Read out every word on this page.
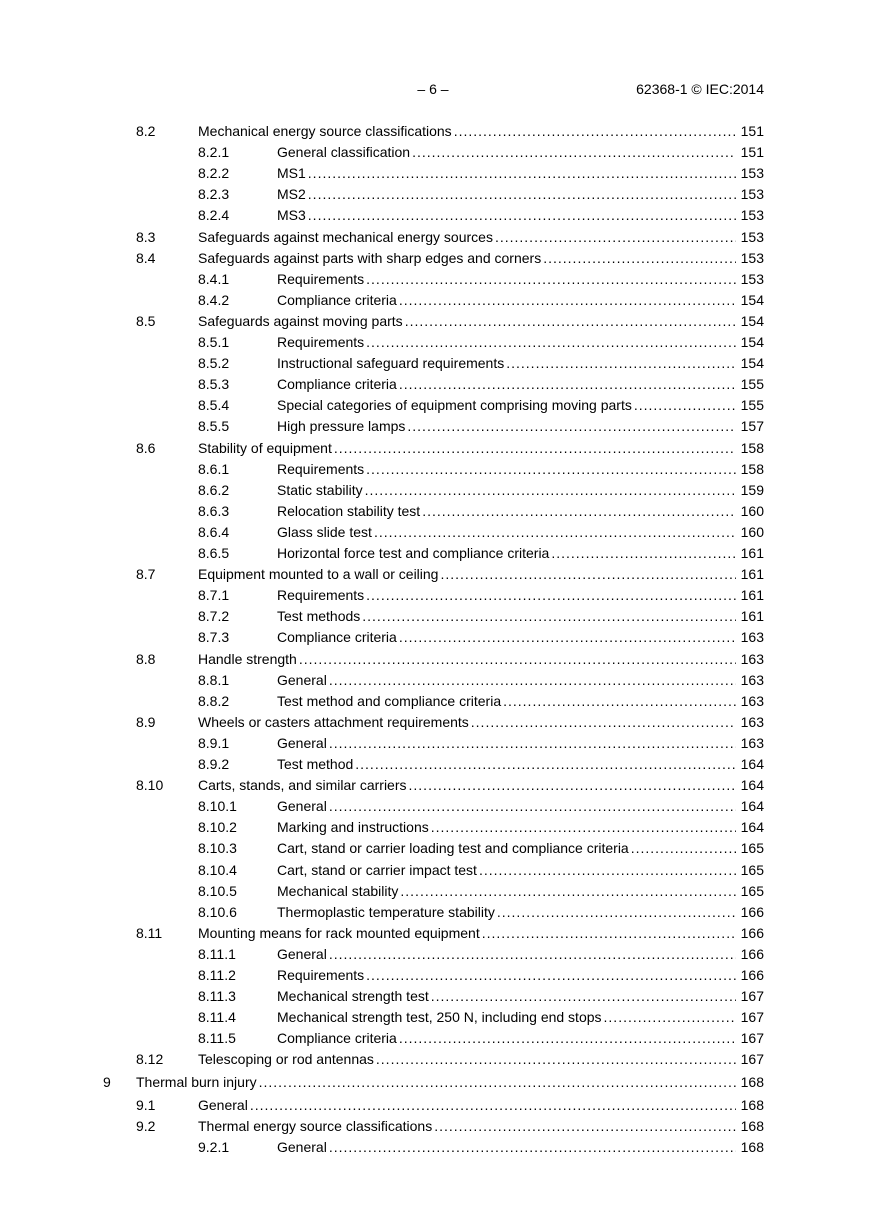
– 6 –	62368-1 © IEC:2014
8.2	Mechanical energy source classifications .....	151
8.2.1	General classification .....	151
8.2.2	MS1 .....	153
8.2.3	MS2 .....	153
8.2.4	MS3 .....	153
8.3	Safeguards against mechanical energy sources .....	153
8.4	Safeguards against parts with sharp edges and corners .....	153
8.4.1	Requirements .....	153
8.4.2	Compliance criteria .....	154
8.5	Safeguards against moving parts .....	154
8.5.1	Requirements .....	154
8.5.2	Instructional safeguard requirements .....	154
8.5.3	Compliance criteria .....	155
8.5.4	Special categories of equipment comprising moving parts .....	155
8.5.5	High pressure lamps .....	157
8.6	Stability of equipment .....	158
8.6.1	Requirements .....	158
8.6.2	Static stability .....	159
8.6.3	Relocation stability test .....	160
8.6.4	Glass slide test .....	160
8.6.5	Horizontal force test and compliance criteria .....	161
8.7	Equipment mounted to a wall or ceiling .....	161
8.7.1	Requirements .....	161
8.7.2	Test methods .....	161
8.7.3	Compliance criteria .....	163
8.8	Handle strength .....	163
8.8.1	General .....	163
8.8.2	Test method and compliance criteria .....	163
8.9	Wheels or casters attachment requirements .....	163
8.9.1	General .....	163
8.9.2	Test method .....	164
8.10 Carts, stands, and similar carriers .....	164
8.10.1	General .....	164
8.10.2	Marking and instructions .....	164
8.10.3	Cart, stand or carrier loading test and compliance criteria .....	165
8.10.4	Cart, stand or carrier impact test .....	165
8.10.5	Mechanical stability .....	165
8.10.6	Thermoplastic temperature stability .....	166
8.11	Mounting means for rack mounted equipment .....	166
8.11.1	General .....	166
8.11.2	Requirements .....	166
8.11.3	Mechanical strength test .....	167
8.11.4	Mechanical strength test, 250 N, including end stops .....	167
8.11.5	Compliance criteria .....	167
8.12 Telescoping or rod antennas .....	167
9 Thermal burn injury .....	168
9.1	General .....	168
9.2	Thermal energy source classifications .....	168
9.2.1	General .....	168
